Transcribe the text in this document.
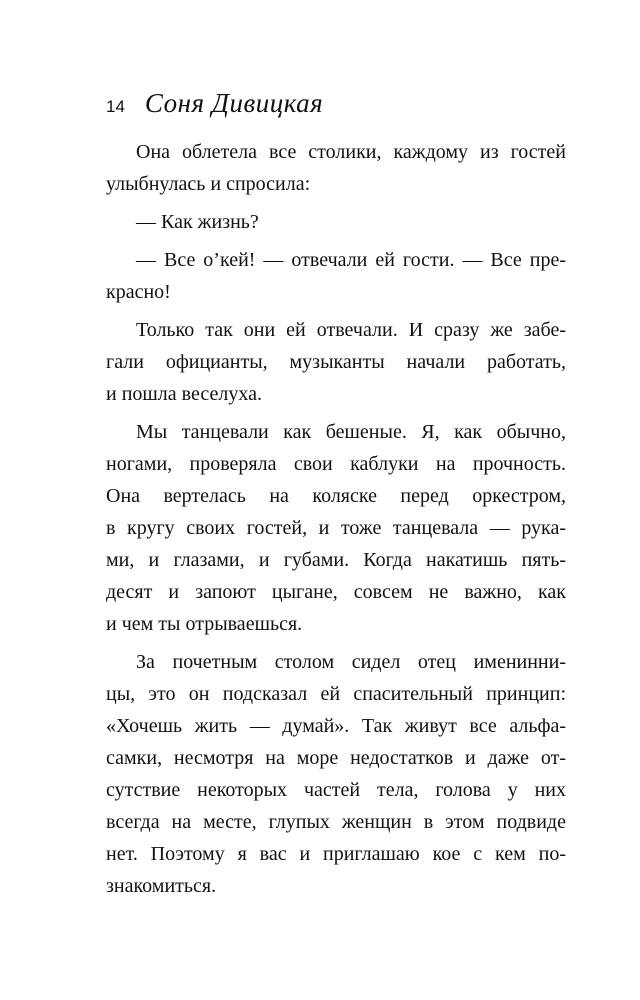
14 Соня Дивицкая
Она облетела все столики, каждому из гостей
улыбнулась и спросила:
— Как жизнь?
— Все о’кей! — отвечали ей гости. — Все пре-
красно!
Только так они ей отвечали. И сразу же забе-
гали официанты, музыканты начали работать,
и пошла веселуха.
Мы танцевали как бешеные. Я, как обычно,
ногами, проверяла свои каблуки на прочность.
Она вертелась на коляске перед оркестром,
в кругу своих гостей, и тоже танцевала — рука-
ми, и глазами, и губами. Когда накатишь пять-
десят и запоют цыгане, совсем не важно, как
и чем ты отрываешься.
За почетным столом сидел отец именинни-
цы, это он подсказал ей спасительный принцип:
«Хочешь жить — думай». Так живут все альфа-
самки, несмотря на море недостатков и даже от-
сутствие некоторых частей тела, голова у них
всегда на месте, глупых женщин в этом подвиде
нет. Поэтому я вас и приглашаю кое с кем по-
знакомиться.
